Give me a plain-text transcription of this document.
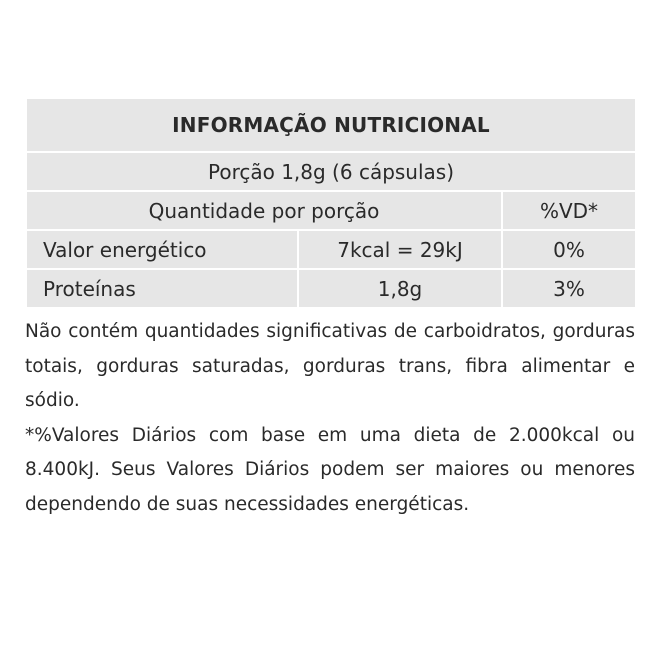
INFORMAÇÃO NUTRICIONAL		
Porção 1,8g (6 cápsulas)		
Quantidade por porção		%VD*
Valor energético	7kcal = 29kJ	0%
Proteínas	1,8g	3%

Não contém quantidades significativas de carboidratos, gorduras totais, gorduras saturadas, gorduras trans, fibra alimentar e sódio.

*%Valores Diários com base em uma dieta de 2.000kcal ou 8.400kJ. Seus Valores Diários podem ser maiores ou menores dependendo de suas necessidades energéticas.
